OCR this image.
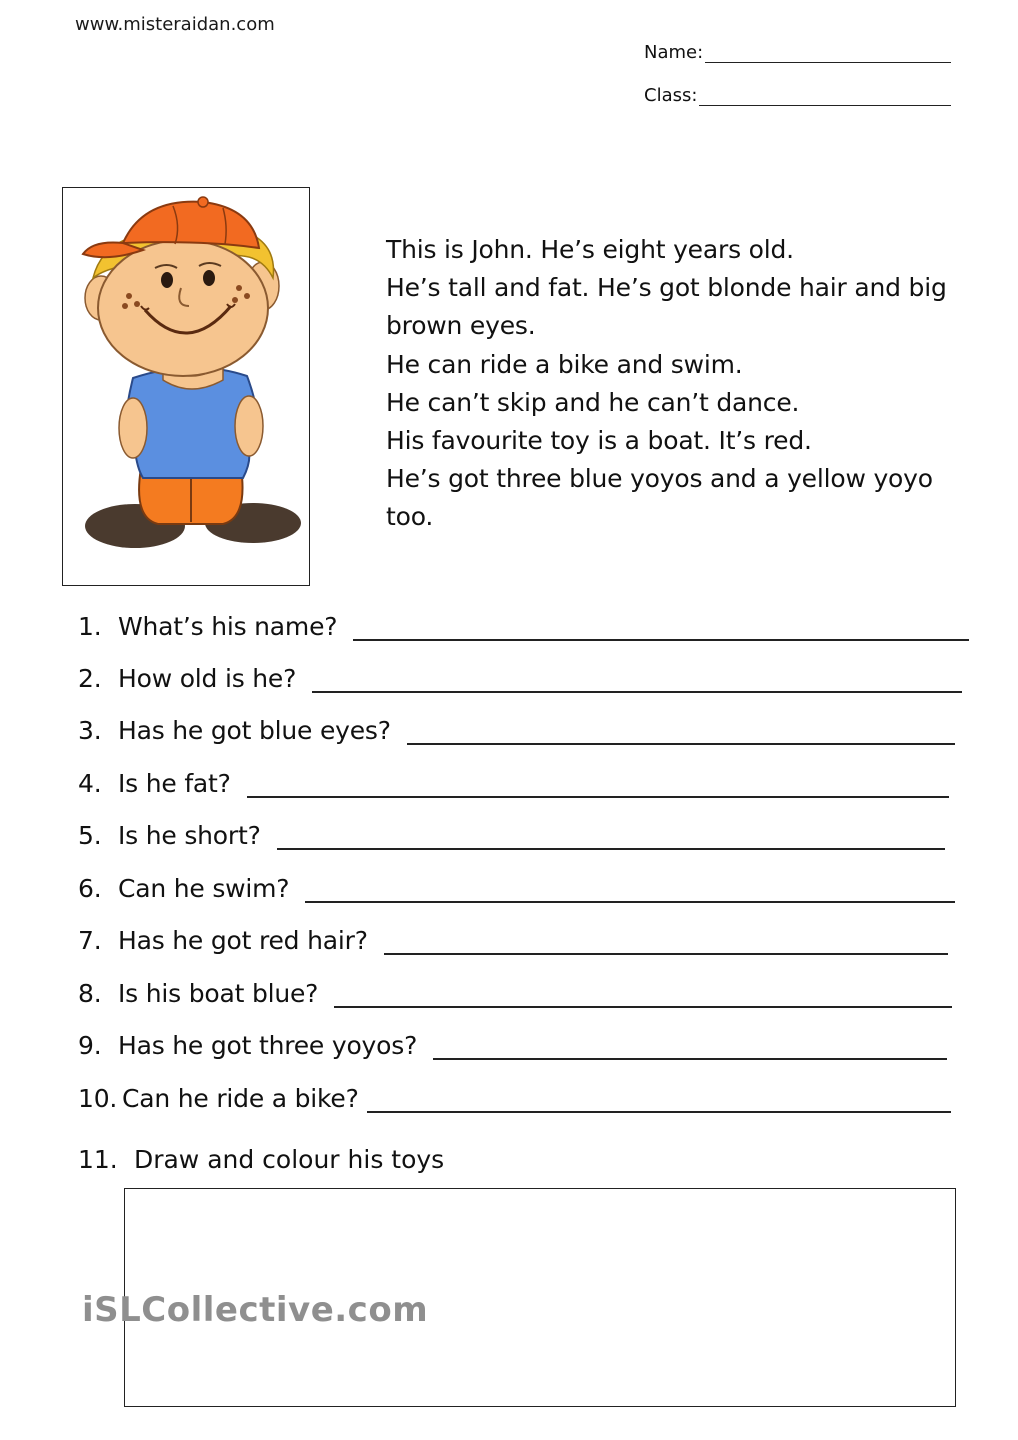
www.misteraidan.com
Name:
Class:
This is John. He’s eight years old.
He’s tall and fat. He’s got blonde hair and big
brown eyes.
He can ride a bike and swim.
He can’t skip and he can’t dance.
His favourite toy is a boat. It’s red.
He’s got three blue yoyos and a yellow yoyo
too.
1. What’s his name?
2. How old is he?
3. Has he got blue eyes?
4. Is he fat?
5. Is he short?
6. Can he swim?
7. Has he got red hair?
8. Is his boat blue?
9. Has he got three yoyos?
10. Can he ride a bike?
11. Draw and colour his toys
iSLCollective.com
